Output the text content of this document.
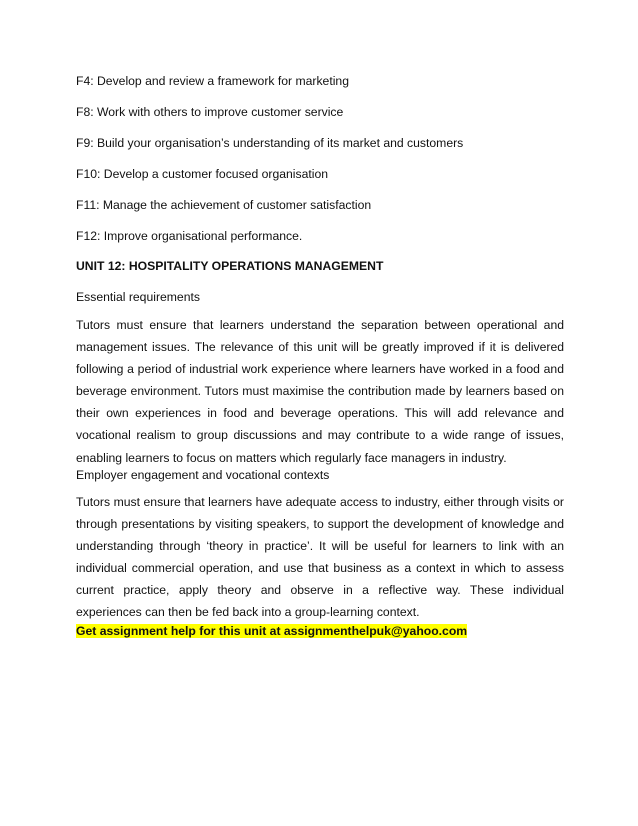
F4: Develop and review a framework for marketing

F8: Work with others to improve customer service

F9: Build your organisation’s understanding of its market and customers

F10: Develop a customer focused organisation

F11: Manage the achievement of customer satisfaction

F12: Improve organisational performance.

UNIT 12: HOSPITALITY OPERATIONS MANAGEMENT

Essential requirements

Tutors must ensure that learners understand the separation between operational and management issues. The relevance of this unit will be greatly improved if it is delivered following a period of industrial work experience where learners have worked in a food and beverage environment. Tutors must maximise the contribution made by learners based on their own experiences in food and beverage operations. This will add relevance and vocational realism to group discussions and may contribute to a wide range of issues, enabling learners to focus on matters which regularly face managers in industry.

Employer engagement and vocational contexts

Tutors must ensure that learners have adequate access to industry, either through visits or through presentations by visiting speakers, to support the development of knowledge and understanding through ‘theory in practice’. It will be useful for learners to link with an individual commercial operation, and use that business as a context in which to assess current practice, apply theory and observe in a reflective way. These individual experiences can then be fed back into a group-learning context.

Get assignment help for this unit at assignmenthelpuk@yahoo.com
